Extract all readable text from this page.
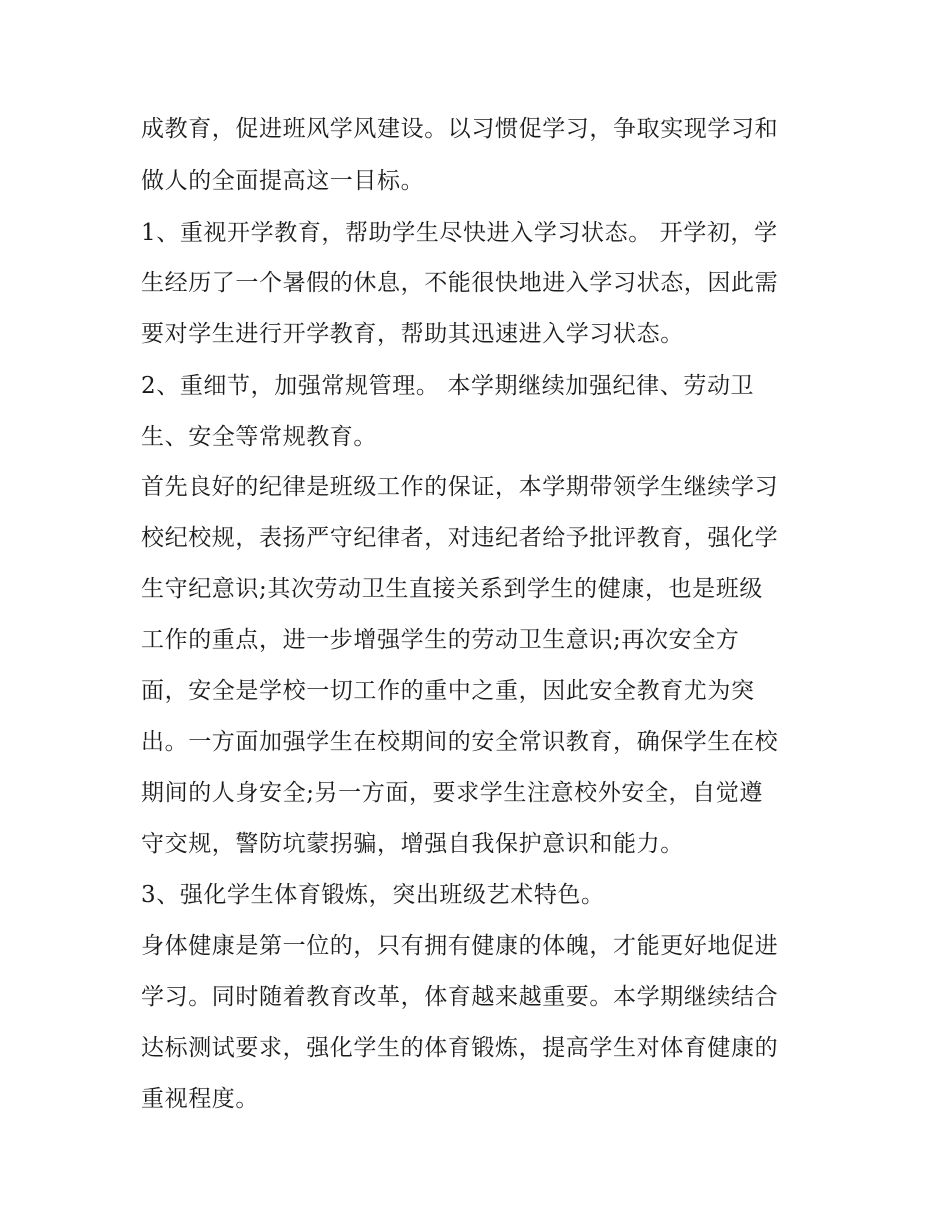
成教育，促进班风学风建设。以习惯促学习，争取实现学习和
做人的全面提高这一目标。
1、重视开学教育，帮助学生尽快进入学习状态。 开学初，学
生经历了一个暑假的休息，不能很快地进入学习状态，因此需
要对学生进行开学教育，帮助其迅速进入学习状态。
2、重细节，加强常规管理。 本学期继续加强纪律、劳动卫
生、安全等常规教育。
首先良好的纪律是班级工作的保证，本学期带领学生继续学习
校纪校规，表扬严守纪律者，对违纪者给予批评教育，强化学
生守纪意识;其次劳动卫生直接关系到学生的健康，也是班级
工作的重点，进一步增强学生的劳动卫生意识;再次安全方
面，安全是学校一切工作的重中之重，因此安全教育尤为突
出。一方面加强学生在校期间的安全常识教育，确保学生在校
期间的人身安全;另一方面，要求学生注意校外安全，自觉遵
守交规，警防坑蒙拐骗，增强自我保护意识和能力。
3、强化学生体育锻炼，突出班级艺术特色。
身体健康是第一位的，只有拥有健康的体魄，才能更好地促进
学习。同时随着教育改革，体育越来越重要。本学期继续结合
达标测试要求，强化学生的体育锻炼，提高学生对体育健康的
重视程度。
